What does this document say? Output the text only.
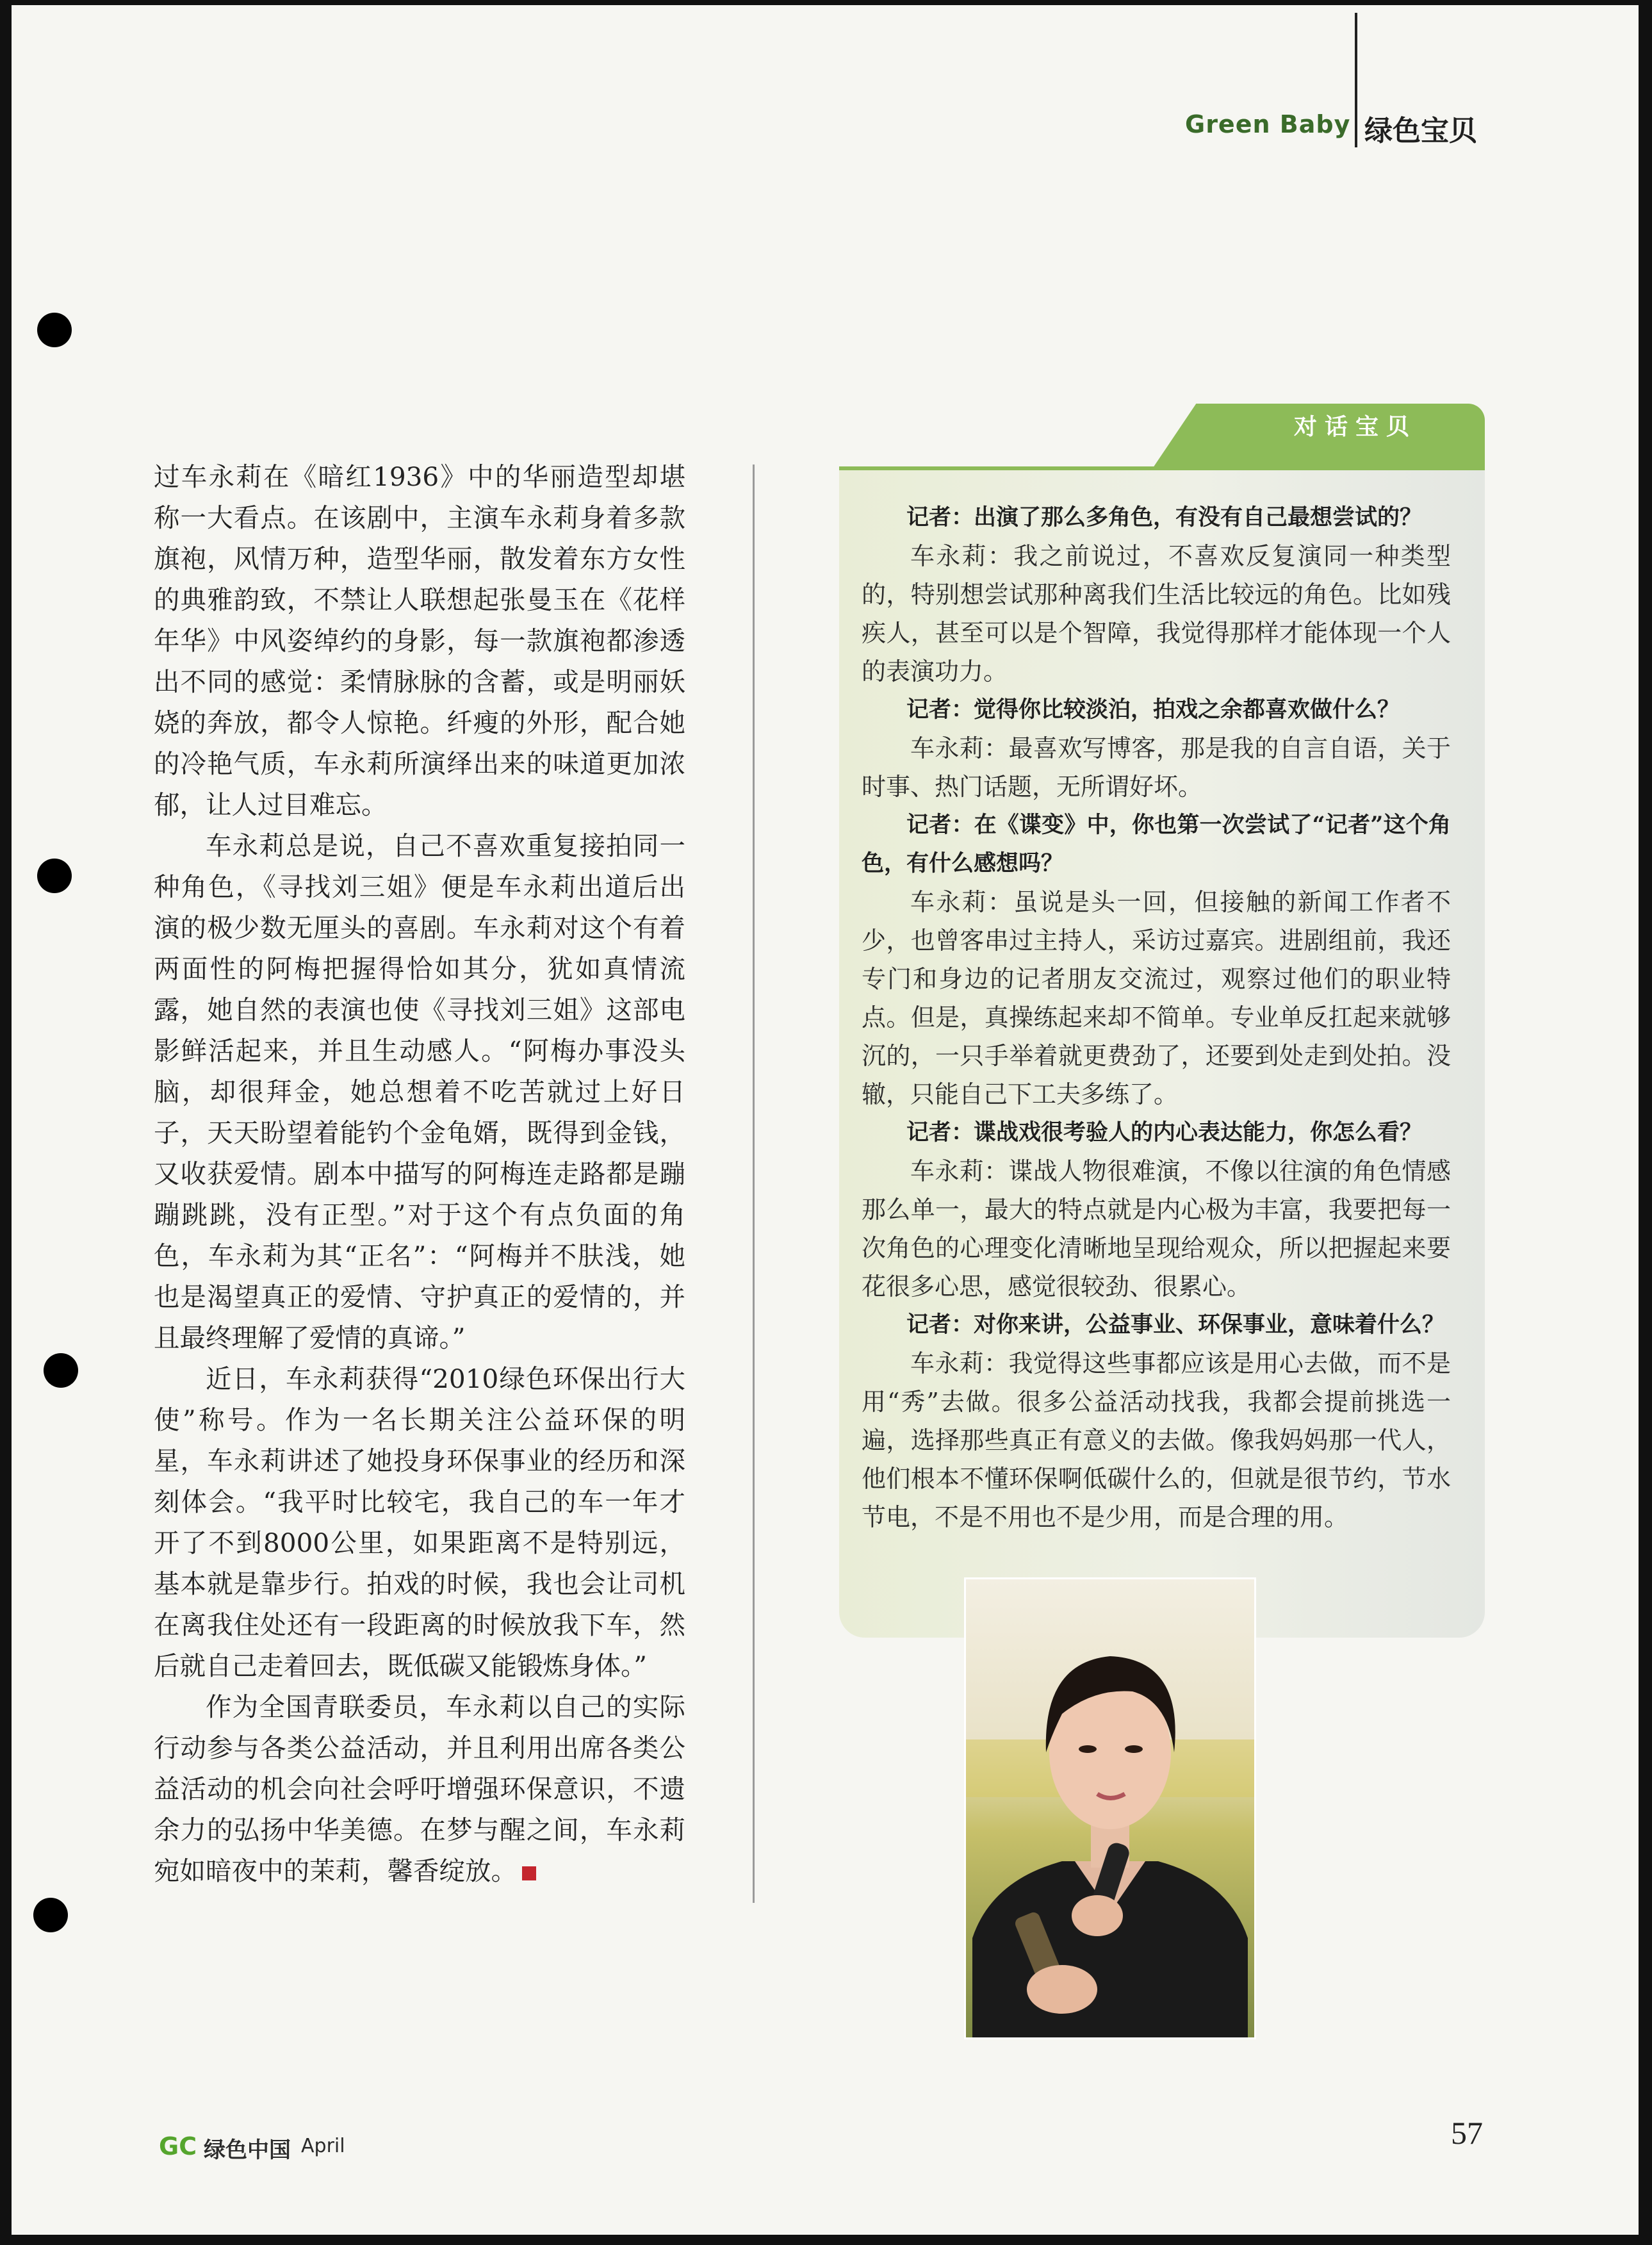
Green Baby 绿色宝贝

过车永莉在《暗红1936》中的华丽造型却堪称一大看点。在该剧中，主演车永莉身着多款旗袍，风情万种，造型华丽，散发着东方女性的典雅韵致，不禁让人联想起张曼玉在《花样年华》中风姿绰约的身影，每一款旗袍都渗透出不同的感觉：柔情脉脉的含蓄，或是明丽妖娆的奔放，都令人惊艳。纤瘦的外形，配合她的冷艳气质，车永莉所演绎出来的味道更加浓郁，让人过目难忘。

车永莉总是说，自己不喜欢重复接拍同一种角色，《寻找刘三姐》便是车永莉出道后出演的极少数无厘头的喜剧。车永莉对这个有着两面性的阿梅把握得恰如其分，犹如真情流露，她自然的表演也使《寻找刘三姐》这部电影鲜活起来，并且生动感人。“阿梅办事没头脑，却很拜金，她总想着不吃苦就过上好日子，天天盼望着能钓个金龟婿，既得到金钱，又收获爱情。剧本中描写的阿梅连走路都是蹦蹦跳跳，没有正型。”对于这个有点负面的角色，车永莉为其“正名”：“阿梅并不肤浅，她也是渴望真正的爱情、守护真正的爱情的，并且最终理解了爱情的真谛。”

近日，车永莉获得“2010绿色环保出行大使”称号。作为一名长期关注公益环保的明星，车永莉讲述了她投身环保事业的经历和深刻体会。“我平时比较宅，我自己的车一年才开了不到8000公里，如果距离不是特别远，基本就是靠步行。拍戏的时候，我也会让司机在离我住处还有一段距离的时候放我下车，然后就自己走着回去，既低碳又能锻炼身体。”

作为全国青联委员，车永莉以自己的实际行动参与各类公益活动，并且利用出席各类公益活动的机会向社会呼吁增强环保意识，不遗余力的弘扬中华美德。在梦与醒之间，车永莉宛如暗夜中的茉莉，馨香绽放。

对话宝贝

记者：出演了那么多角色，有没有自己最想尝试的？

车永莉：我之前说过，不喜欢反复演同一种类型的，特别想尝试那种离我们生活比较远的角色。比如残疾人，甚至可以是个智障，我觉得那样才能体现一个人的表演功力。

记者：觉得你比较淡泊，拍戏之余都喜欢做什么？

车永莉：最喜欢写博客，那是我的自言自语，关于时事、热门话题，无所谓好坏。

记者：在《谍变》中，你也第一次尝试了“记者”这个角色，有什么感想吗？

车永莉：虽说是头一回，但接触的新闻工作者不少，也曾客串过主持人，采访过嘉宾。进剧组前，我还专门和身边的记者朋友交流过，观察过他们的职业特点。但是，真操练起来却不简单。专业单反扛起来就够沉的，一只手举着就更费劲了，还要到处走到处拍。没辙，只能自己下工夫多练了。

记者：谍战戏很考验人的内心表达能力，你怎么看？

车永莉：谍战人物很难演，不像以往演的角色情感那么单一，最大的特点就是内心极为丰富，我要把每一次角色的心理变化清晰地呈现给观众，所以把握起来要花很多心思，感觉很较劲、很累心。

记者：对你来讲，公益事业、环保事业，意味着什么？

车永莉：我觉得这些事都应该是用心去做，而不是用“秀”去做。很多公益活动找我，我都会提前挑选一遍，选择那些真正有意义的去做。像我妈妈那一代人，他们根本不懂环保啊低碳什么的，但就是很节约，节水节电，不是不用也不是少用，而是合理的用。

GC 绿色中国 April	57
